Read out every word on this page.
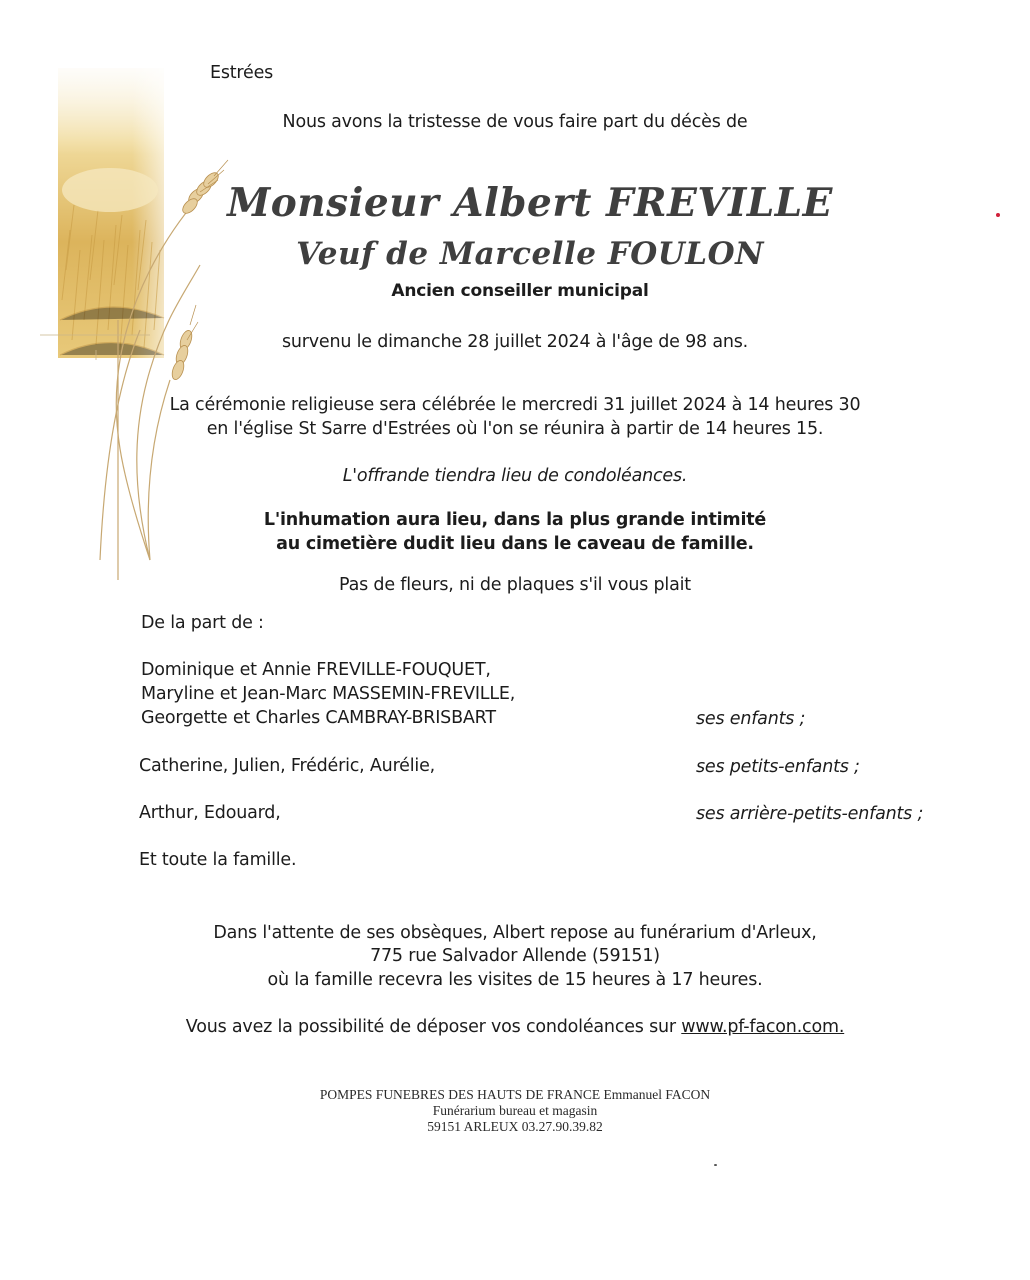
Estrées
Nous avons la tristesse de vous faire part du décès de
Monsieur Albert FREVILLE
Veuf de Marcelle FOULON
Ancien conseiller municipal
survenu le dimanche 28 juillet 2024 à l'âge de 98 ans.
La cérémonie religieuse sera célébrée le mercredi 31 juillet 2024 à 14 heures 30
en l'église St Sarre d'Estrées où l'on se réunira à partir de 14 heures 15.
L'offrande tiendra lieu de condoléances.
L'inhumation aura lieu, dans la plus grande intimité
au cimetière dudit lieu dans le caveau de famille.
Pas de fleurs, ni de plaques s'il vous plait
De la part de :
Dominique et Annie FREVILLE-FOUQUET,
Maryline et Jean-Marc MASSEMIN-FREVILLE,
Georgette et Charles CAMBRAY-BRISBART	ses enfants ;
Catherine, Julien, Frédéric, Aurélie,	ses petits-enfants ;
Arthur, Edouard,	ses arrière-petits-enfants ;
Et toute la famille.
Dans l'attente de ses obsèques, Albert repose au funérarium d'Arleux,
775 rue Salvador Allende (59151)
où la famille recevra les visites de 15 heures à 17 heures.
Vous avez la possibilité de déposer vos condoléances sur www.pf-facon.com.
POMPES FUNEBRES DES HAUTS DE FRANCE Emmanuel FACON
Funérarium bureau et magasin
59151 ARLEUX 03.27.90.39.82
